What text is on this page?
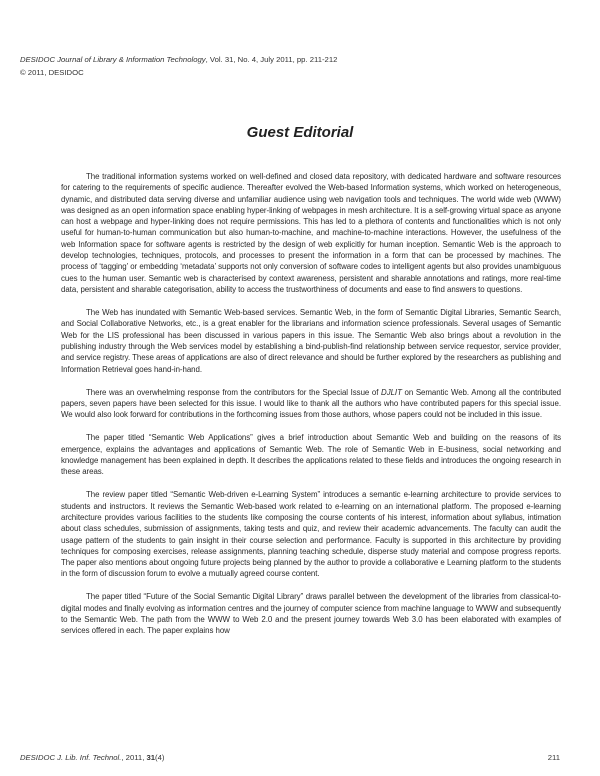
DESIDOC Journal of Library & Information Technology, Vol. 31, No. 4, July 2011, pp. 211-212
© 2011, DESIDOC
Guest Editorial

The traditional information systems worked on well-defined and closed data repository, with dedicated hardware and software resources for catering to the requirements of specific audience. Thereafter evolved the Web-based Information systems, which worked on heterogeneous, dynamic, and distributed data serving diverse and unfamiliar audience using web navigation tools and techniques. The world wide web (WWW) was designed as an open information space enabling hyper-linking of webpages in mesh architecture. It is a self-growing virtual space as anyone can host a webpage and hyper-linking does not require permissions. This has led to a plethora of contents and functionalities which is not only useful for human-to-human communication but also human-to-machine, and machine-to-machine interactions. However, the usefulness of the web Information space for software agents is restricted by the design of web explicitly for human inception. Semantic Web is the approach to develop technologies, techniques, protocols, and processes to present the information in a form that can be processed by machines. The process of ‘tagging’ or embedding ‘metadata’ supports not only conversion of software codes to intelligent agents but also provides unambiguous cues to the human user. Semantic web is characterised by context awareness, persistent and sharable annotations and ratings, more real-time data, persistent and sharable categorisation, ability to access the trustworthiness of documents and ease to find answers to questions.

The Web has inundated with Semantic Web-based services. Semantic Web, in the form of Semantic Digital Libraries, Semantic Search, and Social Collaborative Networks, etc., is a great enabler for the librarians and information science professionals. Several usages of Semantic Web for the LIS professional has been discussed in various papers in this issue. The Semantic Web also brings about a revolution in the publishing industry through the Web services model by establishing a bind-publish-find relationship between service requestor, service provider, and service registry. These areas of applications are also of direct relevance and should be further explored by the researchers as publishing and Information Retrieval goes hand-in-hand.

There was an overwhelming response from the contributors for the Special Issue of DJLIT on Semantic Web. Among all the contributed papers, seven papers have been selected for this issue. I would like to thank all the authors who have contributed papers for this special issue. We would also look forward for contributions in the forthcoming issues from those authors, whose papers could not be included in this issue.

The paper titled “Semantic Web Applications” gives a brief introduction about Semantic Web and building on the reasons of its emergence, explains the advantages and applications of Semantic Web. The role of Semantic Web in E-business, social networking and knowledge management has been explained in depth. It describes the applications related to these fields and introduces the ongoing research in these areas.

The review paper titled “Semantic Web-driven e-Learning System” introduces a semantic e-learning architecture to provide services to students and instructors. It reviews the Semantic Web-based work related to e-learning on an international platform. The proposed e-learning architecture provides various facilities to the students like composing the course contents of his interest, information about syllabus, intimation about class schedules, submission of assignments, taking tests and quiz, and review their academic advancements. The faculty can audit the usage pattern of the students to gain insight in their course selection and performance. Faculty is supported in this architecture by providing techniques for composing exercises, release assignments, planning teaching schedule, disperse study material and compose progress reports. The paper also mentions about ongoing future projects being planned by the author to provide a collaborative e Learning platform to the students in the form of discussion forum to evolve a mutually agreed course content.

The paper titled “Future of the Social Semantic Digital Library” draws parallel between the development of the libraries from classical-to-digital modes and finally evolving as information centres and the journey of computer science from machine language to WWW and subsequently to the Semantic Web. The path from the WWW to Web 2.0 and the present journey towards Web 3.0 has been elaborated with examples of services offered in each. The paper explains how

DESIDOC J. Lib. Inf. Technol., 2011, 31(4)	211
